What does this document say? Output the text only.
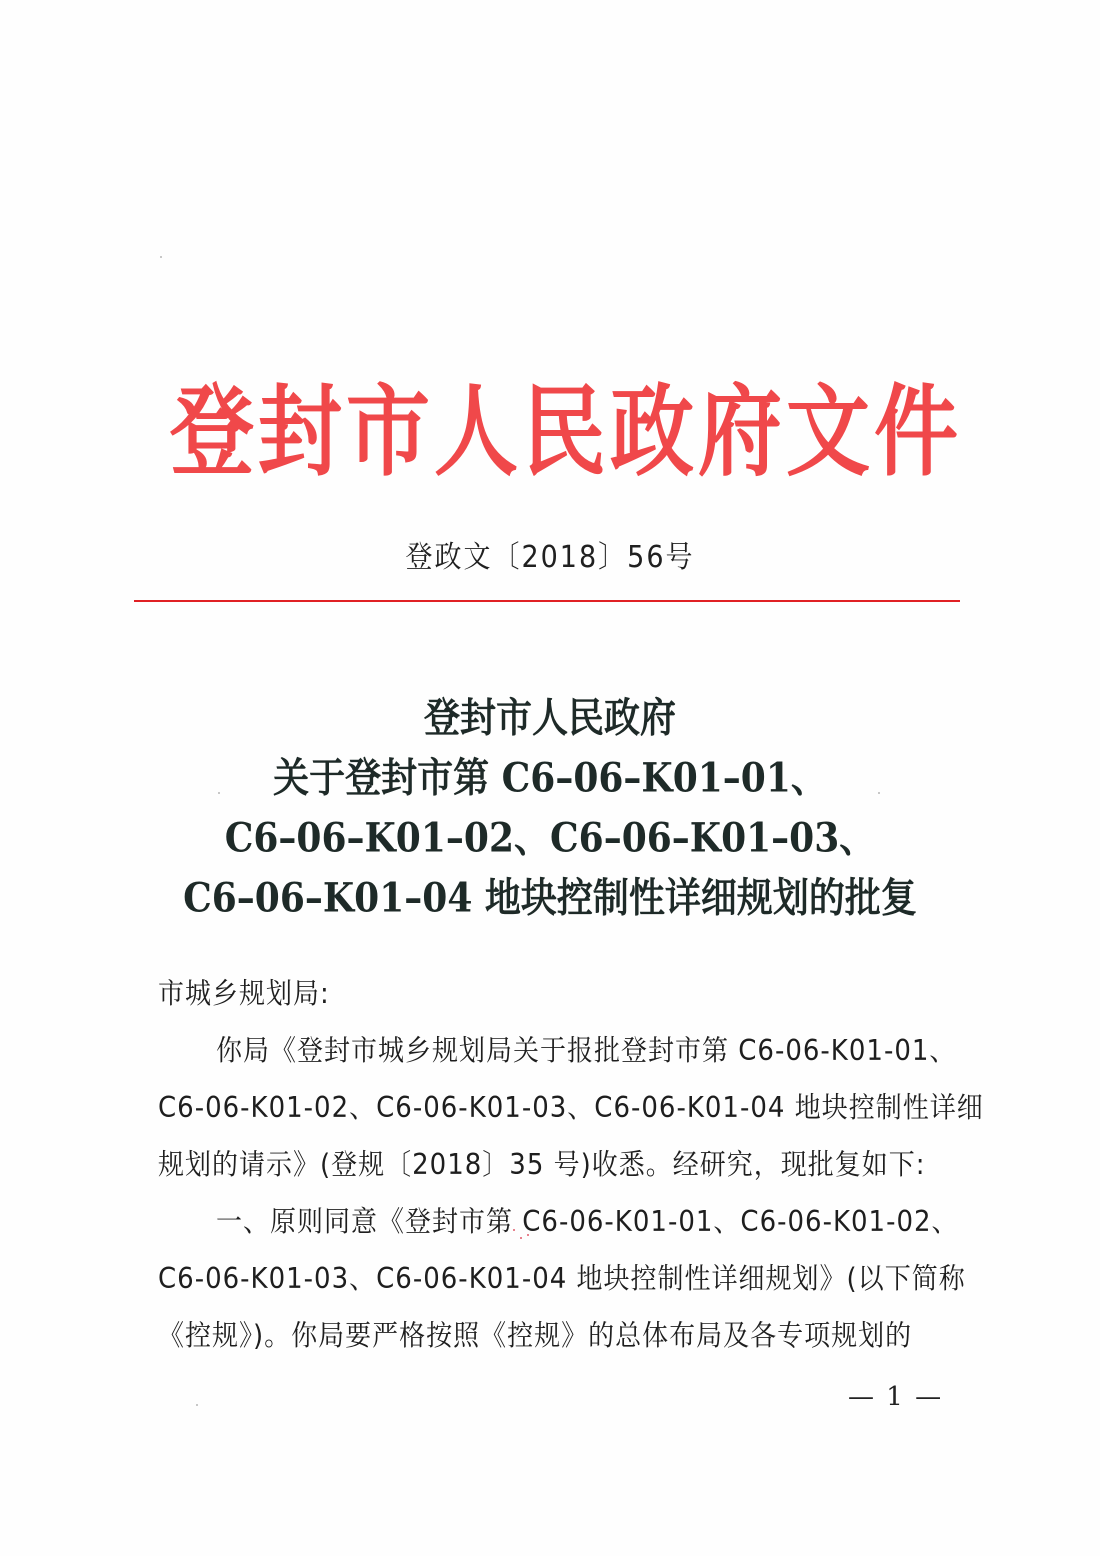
登封市人民政府文件
登政文〔2018〕56号
登封市人民政府
关于登封市第 C6–06–K01–01、
C6–06–K01–02、C6–06–K01–03、
C6–06–K01–04 地块控制性详细规划的批复
市城乡规划局:
你局《登封市城乡规划局关于报批登封市第 C6-06-K01-01、
C6-06-K01-02、C6-06-K01-03、C6-06-K01-04 地块控制性详细
规划的请示》(登规〔2018〕35 号)收悉。经研究，现批复如下:
一、原则同意《登封市第 C6-06-K01-01、C6-06-K01-02、
C6-06-K01-03、C6-06-K01-04 地块控制性详细规划》(以下简称
《控规》)。你局要严格按照《控规》的总体布局及各专项规划的
— 1 —
